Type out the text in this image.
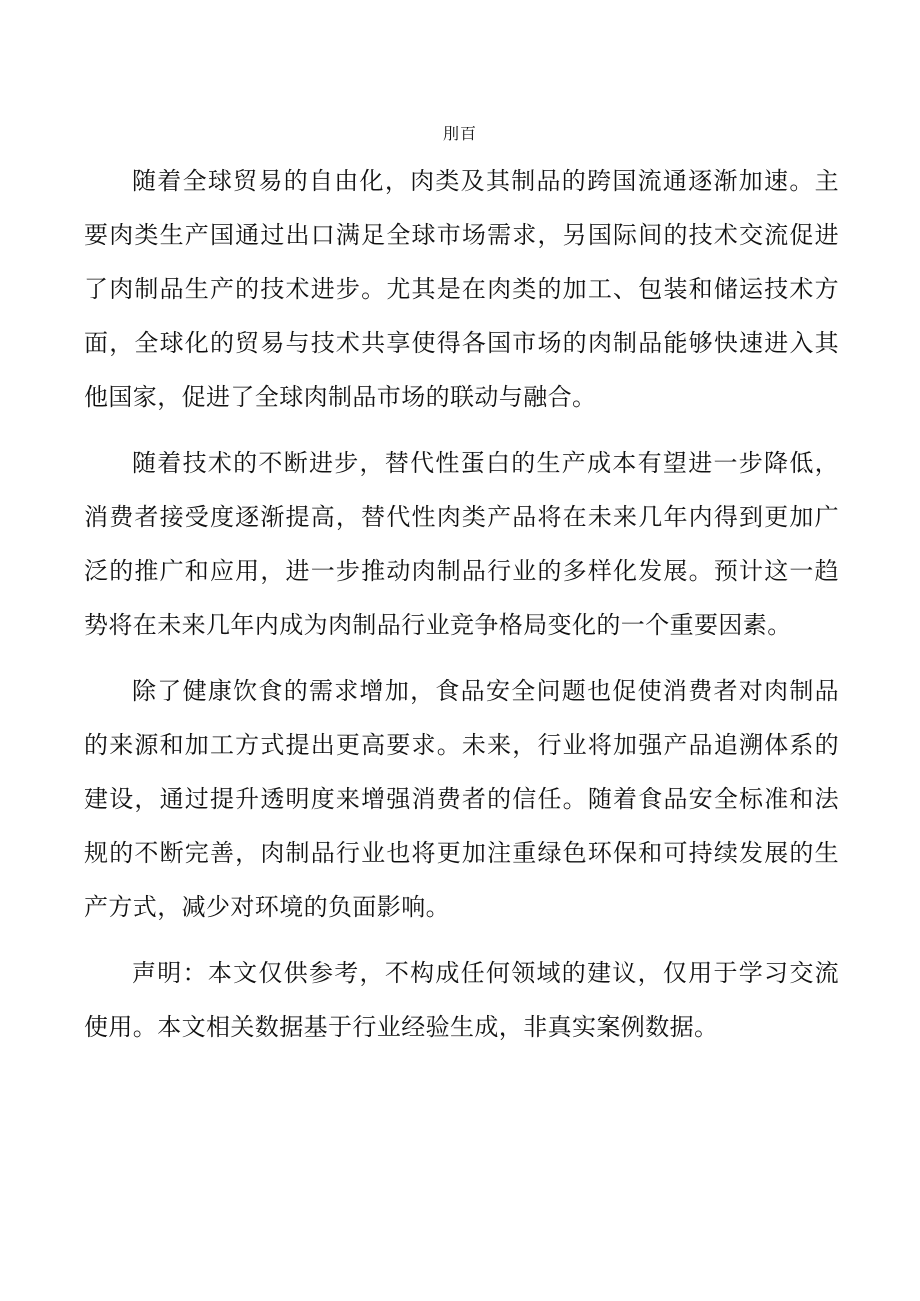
刖百

随着全球贸易的自由化，肉类及其制品的跨国流通逐渐加速。主要肉类生产国通过出口满足全球市场需求，另国际间的技术交流促进了肉制品生产的技术进步。尤其是在肉类的加工、包装和储运技术方面，全球化的贸易与技术共享使得各国市场的肉制品能够快速进入其他国家，促进了全球肉制品市场的联动与融合。

随着技术的不断进步，替代性蛋白的生产成本有望进一步降低，消费者接受度逐渐提高，替代性肉类产品将在未来几年内得到更加广泛的推广和应用，进一步推动肉制品行业的多样化发展。预计这一趋势将在未来几年内成为肉制品行业竞争格局变化的一个重要因素。

除了健康饮食的需求增加，食品安全问题也促使消费者对肉制品的来源和加工方式提出更高要求。未来，行业将加强产品追溯体系的建设，通过提升透明度来增强消费者的信任。随着食品安全标准和法规的不断完善，肉制品行业也将更加注重绿色环保和可持续发展的生产方式，减少对环境的负面影响。

声明：本文仅供参考，不构成任何领域的建议，仅用于学习交流使用。本文相关数据基于行业经验生成，非真实案例数据。
